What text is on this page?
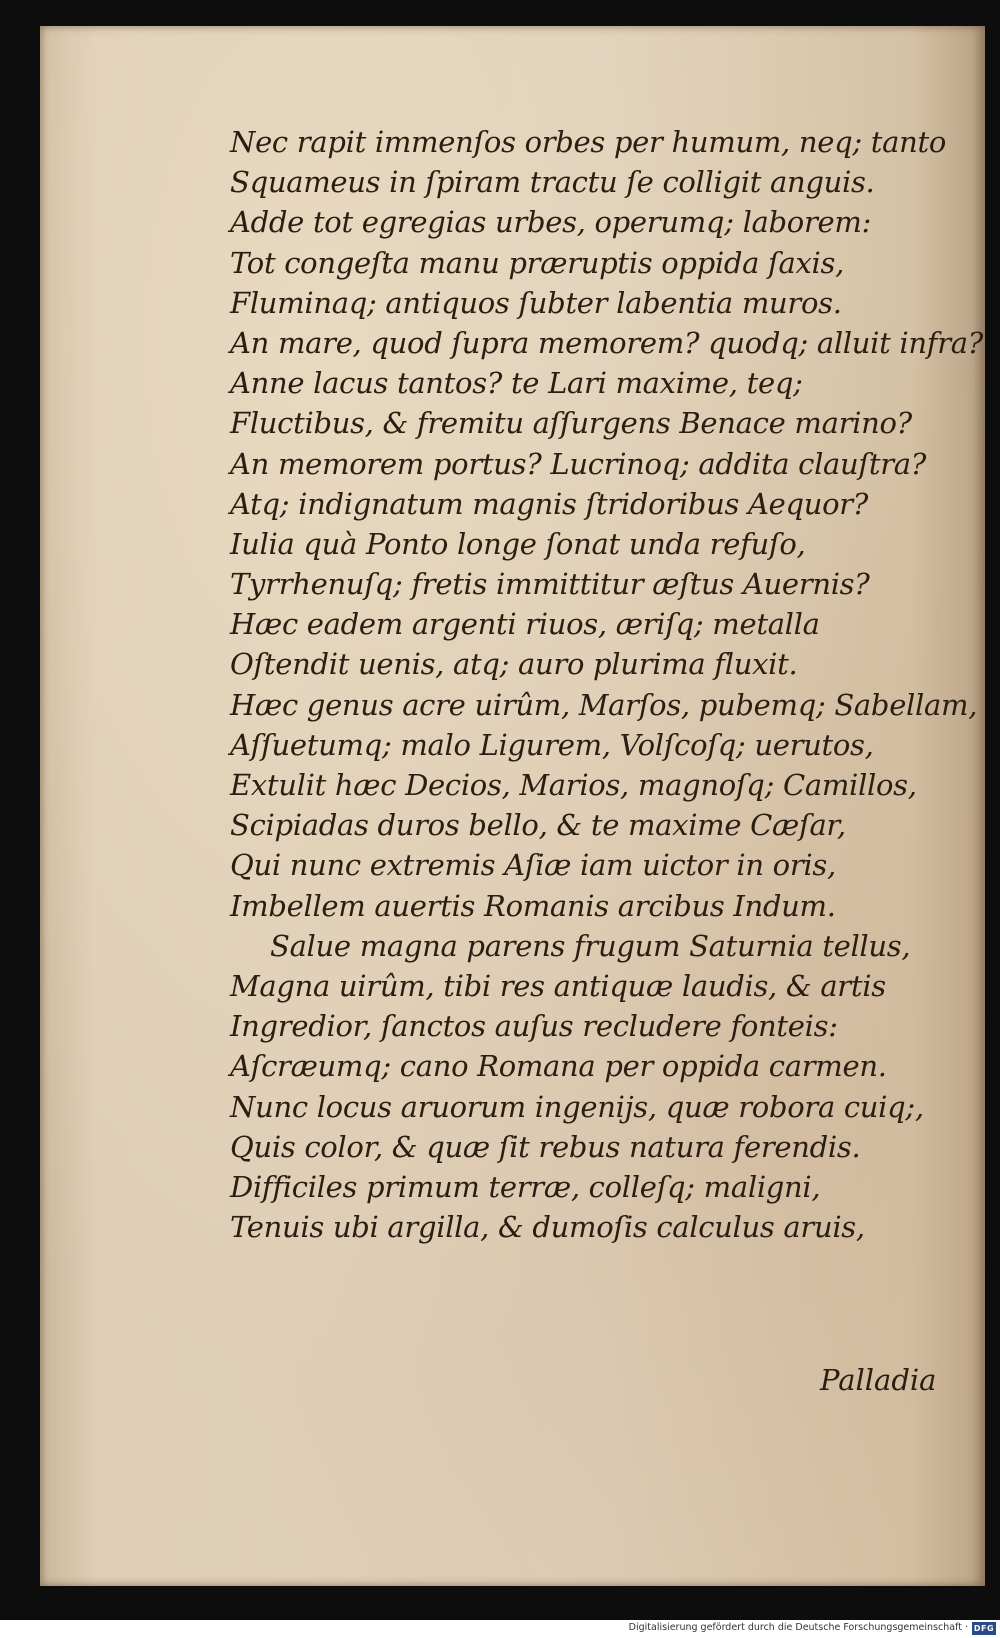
Nec rapit immenſos orbes per humum, neq; tanto
Squameus in ſpiram tractu ſe colligit anguis.
Adde tot egregias urbes, operumq; laborem:
Tot congeſta manu præruptis oppida ſaxis,
Fluminaq; antiquos ſubter labentia muros.
An mare, quod ſupra memorem? quodq; alluit infra?
Anne lacus tantos? te Lari maxime, teq;
Fluctibus, & fremitu aſſurgens Benace marino?
An memorem portus? Lucrinoq; addita clauſtra?
Atq; indignatum magnis ſtridoribus Aequor?
Iulia quà Ponto longe ſonat unda refuſo,
Tyrrhenuſq; fretis immittitur æſtus Auernis?
Hæc eadem argenti riuos, æriſq; metalla
Oſtendit uenis, atq; auro plurima fluxit.
Hæc genus acre uirûm, Marſos, pubemq; Sabellam,
Aſſuetumq; malo Ligurem, Volſcoſq; uerutos,
Extulit hæc Decios, Marios, magnoſq; Camillos,
Scipiadas duros bello, & te maxime Cæſar,
Qui nunc extremis Aſiæ iam uictor in oris,
Imbellem auertis Romanis arcibus Indum.
Salue magna parens frugum Saturnia tellus,
Magna uirûm, tibi res antiquæ laudis, & artis
Ingredior, ſanctos auſus recludere fonteis:
Aſcræumq; cano Romana per oppida carmen.
Nunc locus aruorum ingenijs, quæ robora cuiq;,
Quis color, & quæ ſit rebus natura ferendis.
Difficiles primum terræ, colleſq; maligni,
Tenuis ubi argilla, & dumoſis calculus aruis,
Palladia
Digitalisierung gefördert durch die Deutsche Forschungsgemeinschaft · DFG
